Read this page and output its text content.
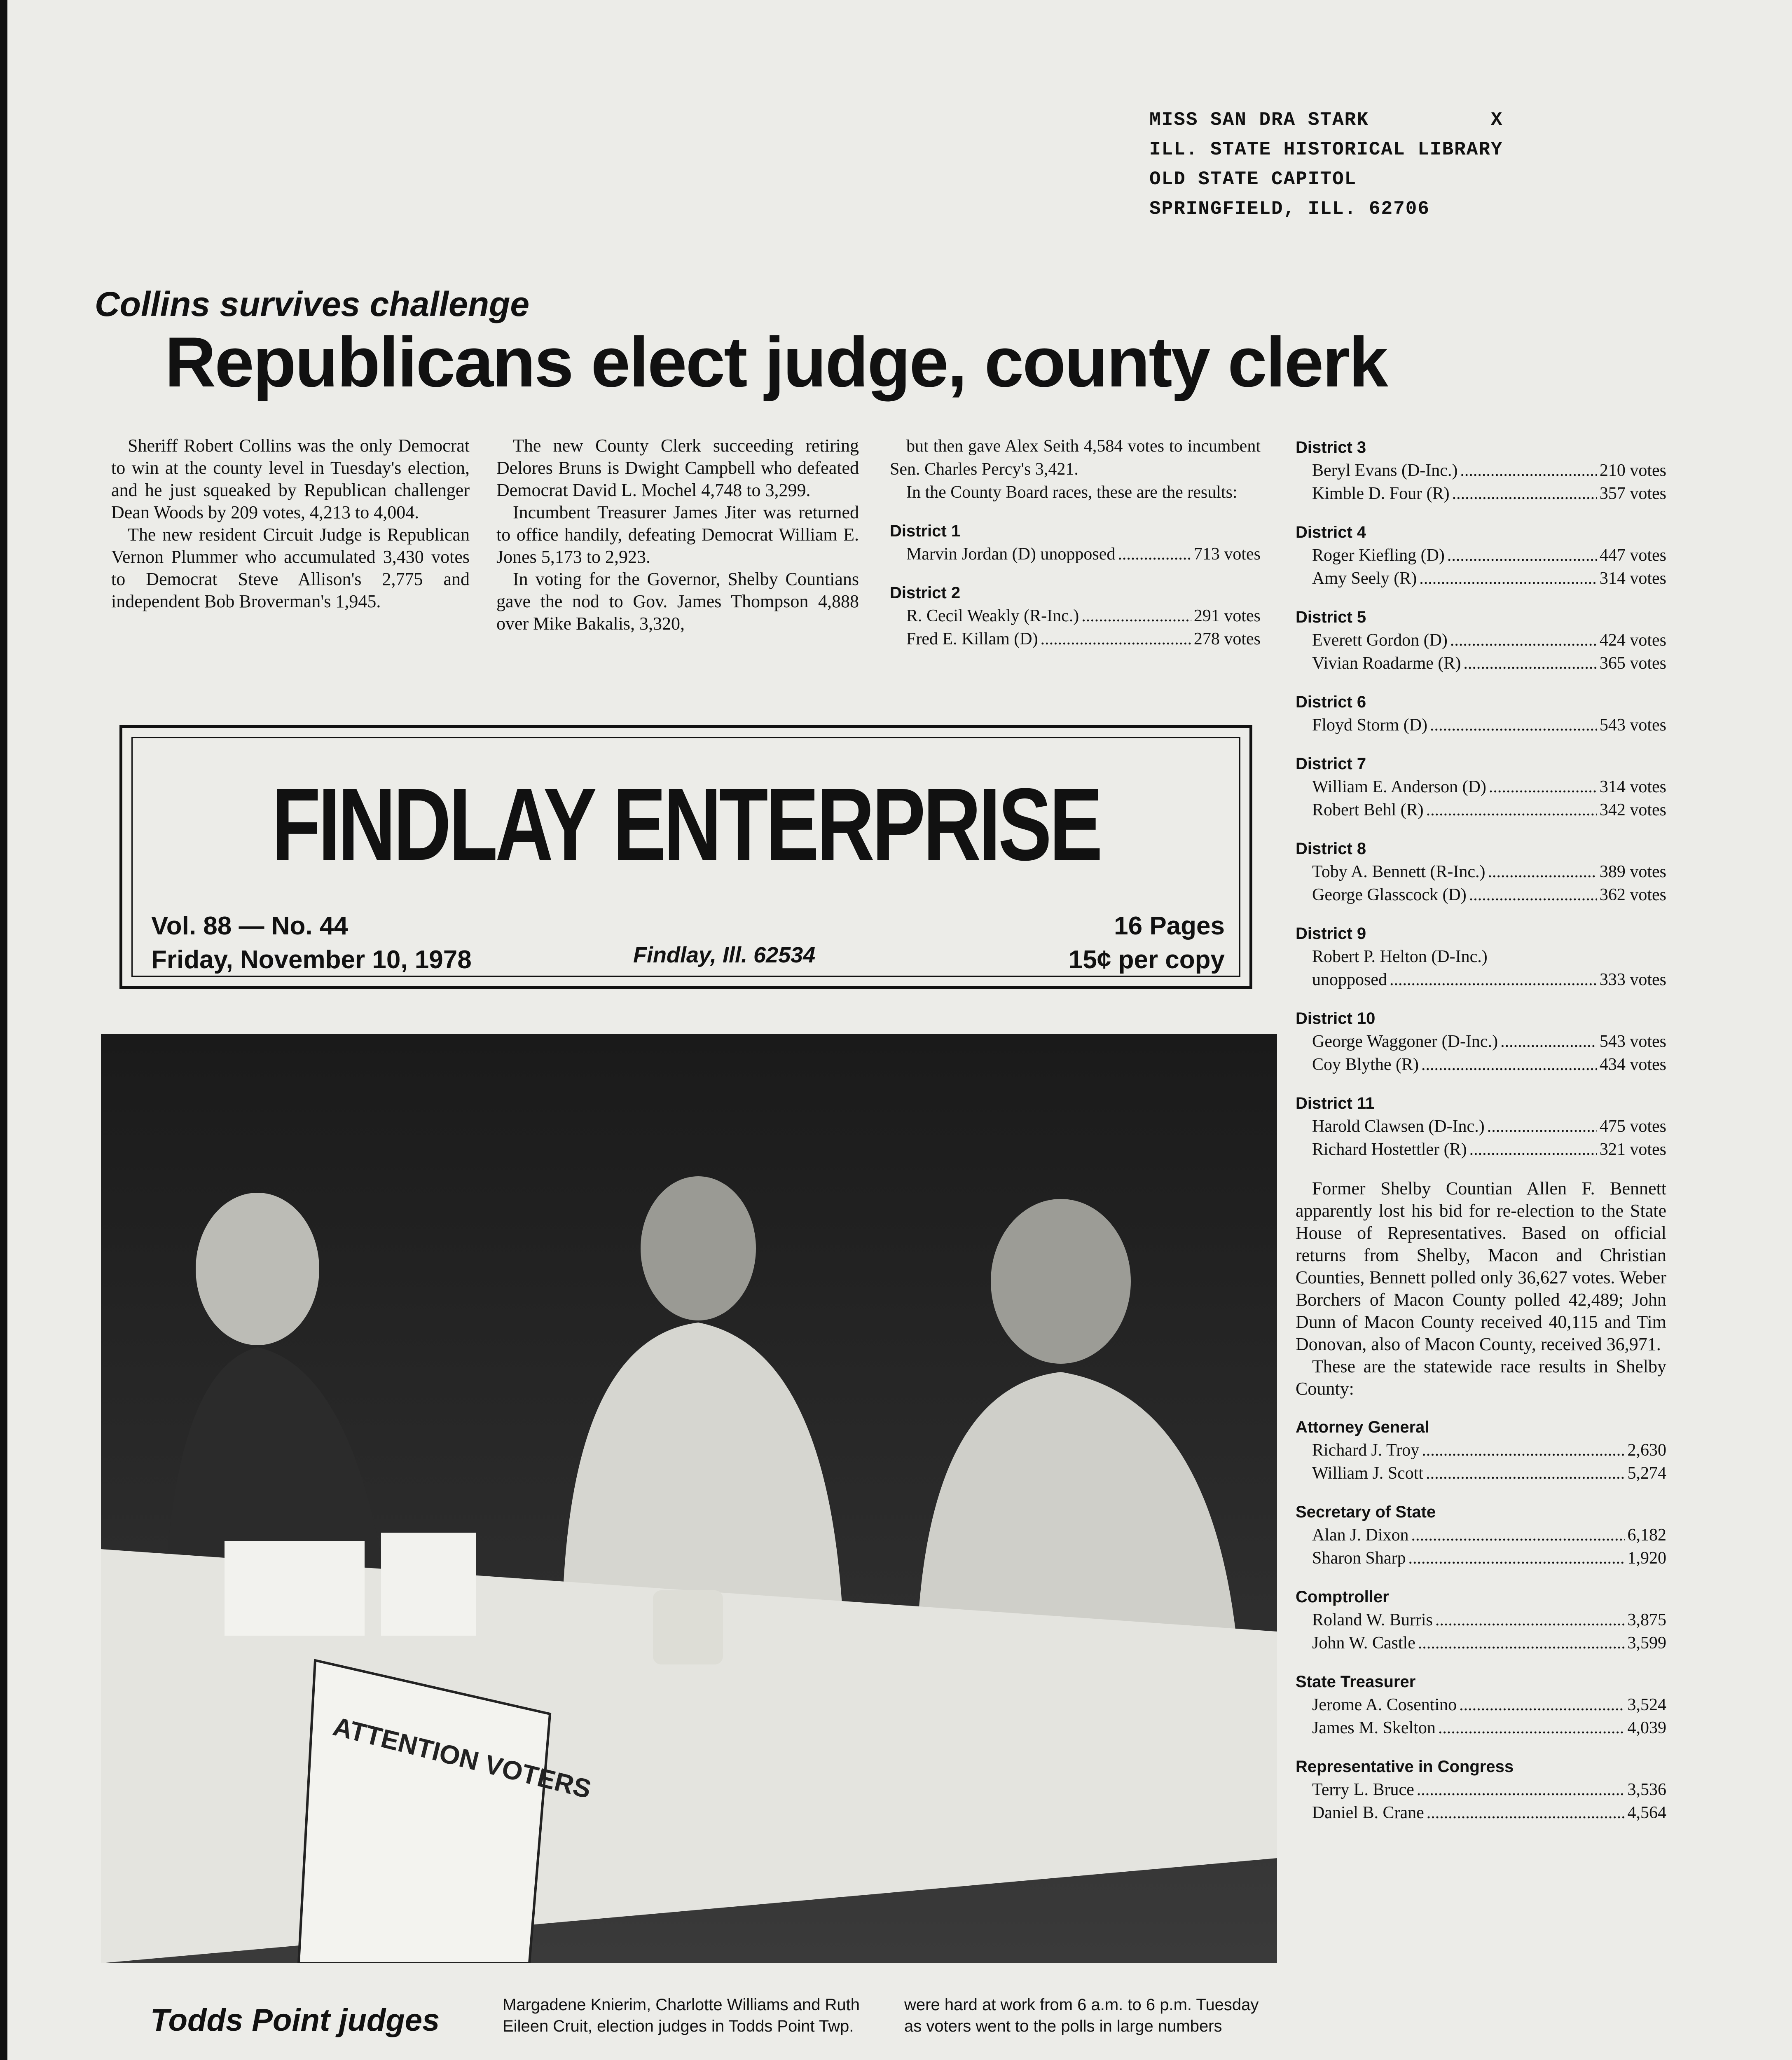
MISS SAN DRA STARK          X
ILL. STATE HISTORICAL LIBRARY
OLD STATE CAPITOL
SPRINGFIELD, ILL. 62706
Collins survives challenge
Republicans elect judge, county clerk

Sheriff Robert Collins was the only Democrat to win at the county level in Tuesday's election, and he just squeaked by Republican challenger Dean Woods by 209 votes, 4,213 to 4,004.

The new resident Circuit Judge is Republican Vernon Plummer who accumulated 3,430 votes to Democrat Steve Allison's 2,775 and independent Bob Broverman's 1,945.

The new County Clerk succeeding retiring Delores Bruns is Dwight Campbell who defeated Democrat David L. Mochel 4,748 to 3,299.

Incumbent Treasurer James Jiter was returned to office handily, defeating Democrat William E. Jones 5,173 to 2,923.

In voting for the Governor, Shelby Countians gave the nod to Gov. James Thompson 4,888 over Mike Bakalis, 3,320,

but then gave Alex Seith 4,584 votes to incumbent Sen. Charles Percy's 3,421.

In the County Board races, these are the results:

District 1
Marvin Jordan (D) unopposed .....	713 votes
District 2
R. Cecil Weakly (R-Inc.) .....	291 votes
Fred E. Killam (D) .....	278 votes
District 3
Beryl Evans (D-Inc.) .....	210 votes
Kimble D. Four (R) .....	357 votes
District 4
Roger Kiefling (D) .....	447 votes
Amy Seely (R) .....	314 votes
District 5
Everett Gordon (D) .....	424 votes
Vivian Roadarme (R) .....	365 votes
District 6
Floyd Storm (D) .....	543 votes
District 7
William E. Anderson (D) .....	314 votes
Robert Behl (R) .....	342 votes
District 8
Toby A. Bennett (R-Inc.) .....	389 votes
George Glasscock (D) .....	362 votes
District 9
Robert P. Helton (D-Inc.)
unopposed .....	333 votes
District 10
George Waggoner (D-Inc.) .....	543 votes
Coy Blythe (R) .....	434 votes
District 11
Harold Clawsen (D-Inc.) .....	475 votes
Richard Hostettler (R) .....	321 votes

Former Shelby Countian Allen F. Bennett apparently lost his bid for re-election to the State House of Representatives. Based on official returns from Shelby, Macon and Christian Counties, Bennett polled only 36,627 votes. Weber Borchers of Macon County polled 42,489; John Dunn of Macon County received 40,115 and Tim Donovan, also of Macon County, received 36,971.

These are the statewide race results in Shelby County:

Attorney General
Richard J. Troy .....	2,630
William J. Scott .....	5,274
Secretary of State
Alan J. Dixon .....	6,182
Sharon Sharp .....	1,920
Comptroller
Roland W. Burris .....	3,875
John W. Castle .....	3,599
State Treasurer
Jerome A. Cosentino .....	3,524
James M. Skelton .....	4,039
Representative in Congress
Terry L. Bruce .....	3,536
Daniel B. Crane .....	4,564
FINDLAY ENTERPRISE
Vol. 88 — No. 44
Friday, November 10, 1978	Findlay, Ill. 62534
16 Pages
15¢ per copy
ATTENTION VOTERS
Todds Point judges	Margadene Knierim, Charlotte Williams and Ruth Eileen Cruit, election judges in Todds Point Twp.
were hard at work from 6 a.m. to 6 p.m. Tuesday as voters went to the polls in large numbers
